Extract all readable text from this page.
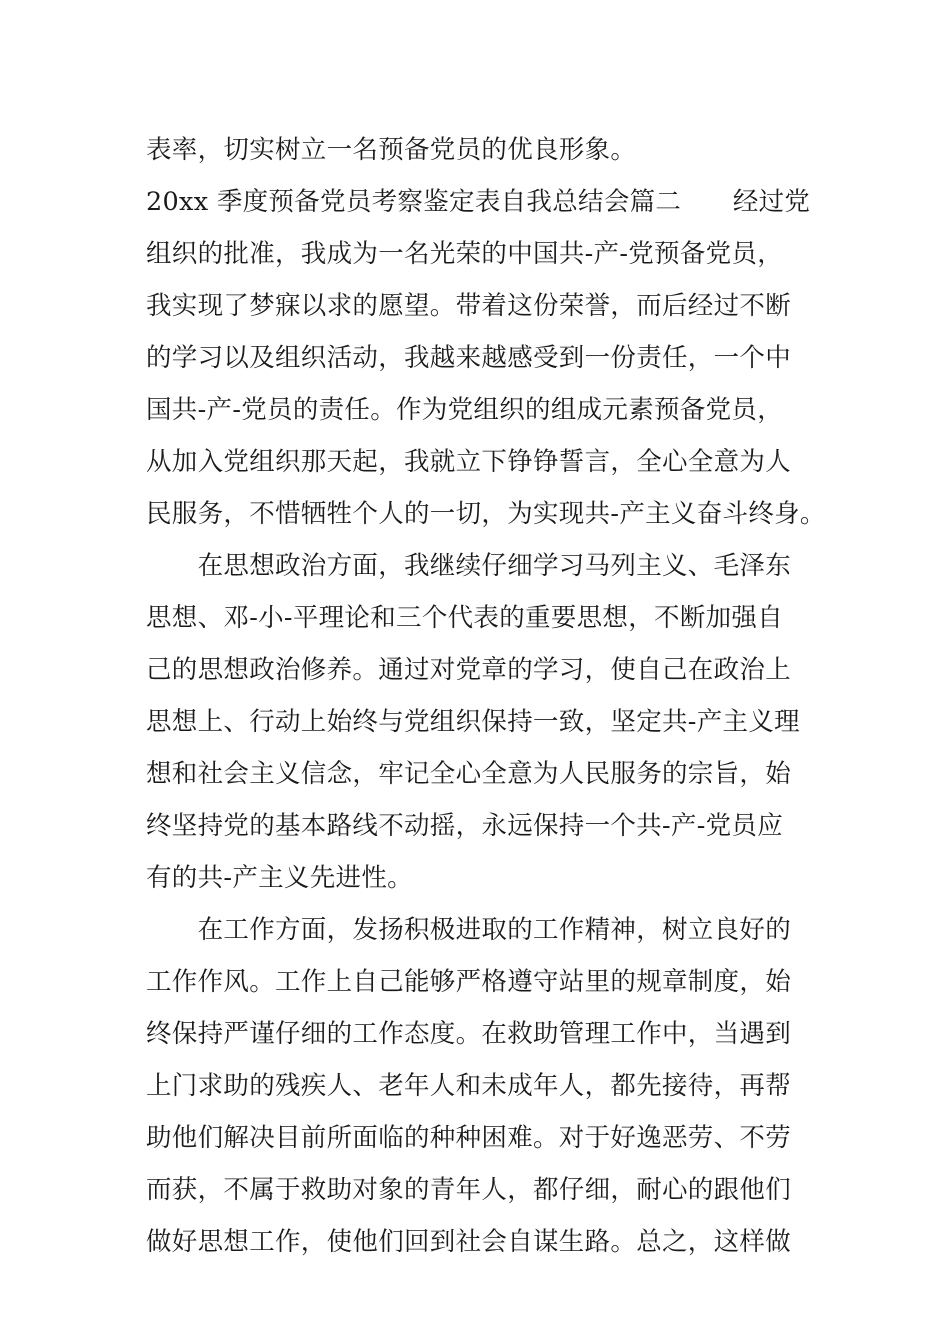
表率，切实树立一名预备党员的优良形象。
20xx 季度预备党员考察鉴定表自我总结会篇二　　经过党
组织的批准，我成为一名光荣的中国共-产-党预备党员，
我实现了梦寐以求的愿望。带着这份荣誉，而后经过不断
的学习以及组织活动，我越来越感受到一份责任，一个中
国共-产-党员的责任。作为党组织的组成元素预备党员，
从加入党组织那天起，我就立下铮铮誓言，全心全意为人
民服务，不惜牺牲个人的一切，为实现共-产主义奋斗终身。
　　在思想政治方面，我继续仔细学习马列主义、毛泽东
思想、邓-小-平理论和三个代表的重要思想，不断加强自
己的思想政治修养。通过对党章的学习，使自己在政治上
思想上、行动上始终与党组织保持一致，坚定共-产主义理
想和社会主义信念，牢记全心全意为人民服务的宗旨，始
终坚持党的基本路线不动摇，永远保持一个共-产-党员应
有的共-产主义先进性。
　　在工作方面，发扬积极进取的工作精神，树立良好的
工作作风。工作上自己能够严格遵守站里的规章制度，始
终保持严谨仔细的工作态度。在救助管理工作中，当遇到
上门求助的残疾人、老年人和未成年人，都先接待，再帮
助他们解决目前所面临的种种困难。对于好逸恶劳、不劳
而获，不属于救助对象的青年人，都仔细，耐心的跟他们
做好思想工作，使他们回到社会自谋生路。总之，这样做
